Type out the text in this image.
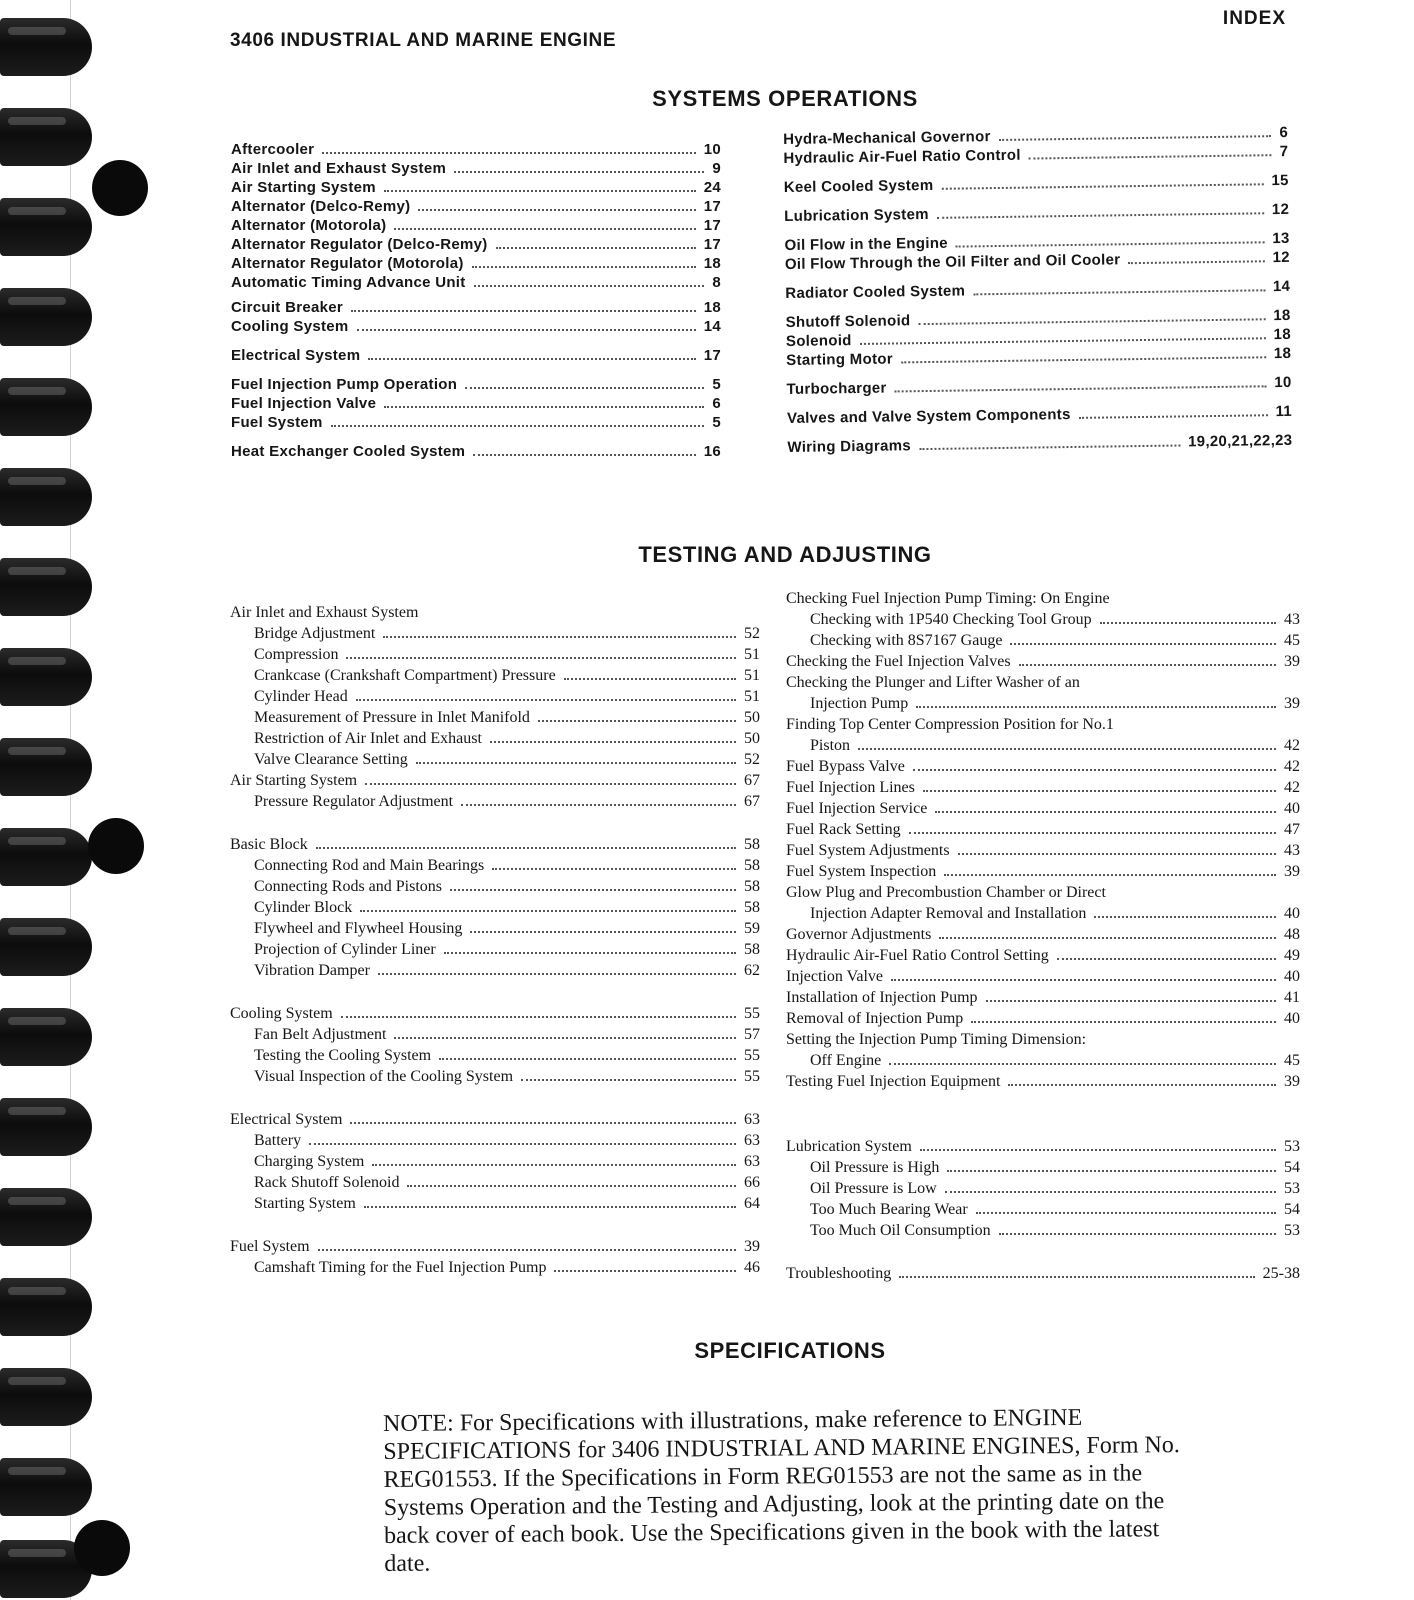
3406 INDUSTRIAL AND MARINE ENGINE
INDEX
SYSTEMS OPERATIONS
Aftercooler	10
Air Inlet and Exhaust System	9
Air Starting System	24
Alternator (Delco-Remy)	17
Alternator (Motorola)	17
Alternator Regulator (Delco-Remy)	17
Alternator Regulator (Motorola)	18
Automatic Timing Advance Unit	8
Circuit Breaker	18
Cooling System	14
Electrical System	17
Fuel Injection Pump Operation	5
Fuel Injection Valve	6
Fuel System	5
Heat Exchanger Cooled System	16
Hydra-Mechanical Governor	6
Hydraulic Air-Fuel Ratio Control	7
Keel Cooled System	15
Lubrication System	12
Oil Flow in the Engine	13
Oil Flow Through the Oil Filter and Oil Cooler	12
Radiator Cooled System	14
Shutoff Solenoid	18
Solenoid	18
Starting Motor	18
Turbocharger	10
Valves and Valve System Components	11
Wiring Diagrams	19,20,21,22,23
TESTING AND ADJUSTING
Air Inlet and Exhaust System
Bridge Adjustment	52
Compression	51
Crankcase (Crankshaft Compartment) Pressure	51
Cylinder Head	51
Measurement of Pressure in Inlet Manifold	50
Restriction of Air Inlet and Exhaust	50
Valve Clearance Setting	52
Air Starting System	67
Pressure Regulator Adjustment	67
Basic Block	58
Connecting Rod and Main Bearings	58
Connecting Rods and Pistons	58
Cylinder Block	58
Flywheel and Flywheel Housing	59
Projection of Cylinder Liner	58
Vibration Damper	62
Cooling System	55
Fan Belt Adjustment	57
Testing the Cooling System	55
Visual Inspection of the Cooling System	55
Electrical System	63
Battery	63
Charging System	63
Rack Shutoff Solenoid	66
Starting System	64
Fuel System	39
Camshaft Timing for the Fuel Injection Pump	46
Checking Fuel Injection Pump Timing: On Engine
Checking with 1P540 Checking Tool Group	43
Checking with 8S7167 Gauge	45
Checking the Fuel Injection Valves	39
Checking the Plunger and Lifter Washer of an
Injection Pump	39
Finding Top Center Compression Position for No.1
Piston	42
Fuel Bypass Valve	42
Fuel Injection Lines	42
Fuel Injection Service	40
Fuel Rack Setting	47
Fuel System Adjustments	43
Fuel System Inspection	39
Glow Plug and Precombustion Chamber or Direct
Injection Adapter Removal and Installation	40
Governor Adjustments	48
Hydraulic Air-Fuel Ratio Control Setting	49
Injection Valve	40
Installation of Injection Pump	41
Removal of Injection Pump	40
Setting the Injection Pump Timing Dimension:
Off Engine	45
Testing Fuel Injection Equipment	39
Lubrication System	53
Oil Pressure is High	54
Oil Pressure is Low	53
Too Much Bearing Wear	54
Too Much Oil Consumption	53
Troubleshooting	25-38
SPECIFICATIONS

NOTE: For Specifications with illustrations, make reference to ENGINE SPECIFICATIONS for 3406 INDUSTRIAL AND MARINE ENGINES, Form No. REG01553. If the Specifications in Form REG01553 are not the same as in the Systems Operation and the Testing and Adjusting, look at the printing date on the back cover of each book. Use the Specifications given in the book with the latest date.
